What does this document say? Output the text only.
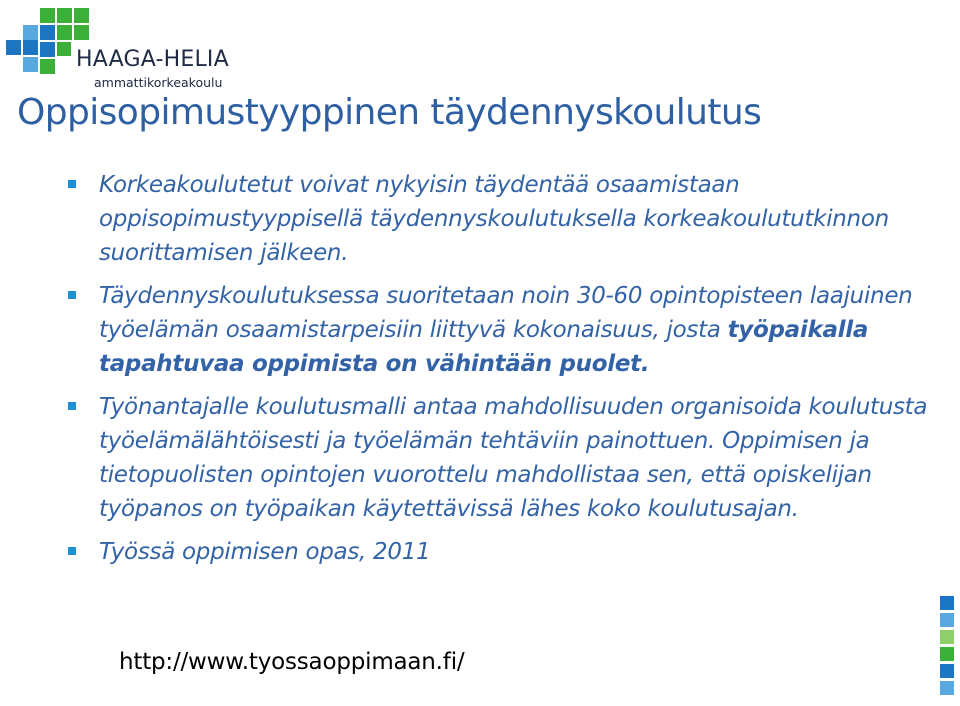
HAAGA-HELIA

ammattikorkeakoulu

Oppisopimustyyppinen täydennyskoulutus
Korkeakoulutetut voivat nykyisin täydentää osaamistaan oppisopimustyyppisellä täydennyskoulutuksella korkeakoulututkinnon suorittamisen jälkeen.
Täydennyskoulutuksessa suoritetaan noin 30-60 opintopisteen laajuinen työelämän osaamistarpeisiin liittyvä kokonaisuus, josta työpaikalla tapahtuvaa oppimista on vähintään puolet.
Työnantajalle koulutusmalli antaa mahdollisuuden organisoida koulutusta työelämälähtöisesti ja työelämän tehtäviin painottuen. Oppimisen ja tietopuolisten opintojen vuorottelu mahdollistaa sen, että opiskelijan työpanos on työpaikan käytettävissä lähes koko koulutusajan.
Työssä oppimisen opas, 2011

http://www.tyossaoppimaan.fi/
